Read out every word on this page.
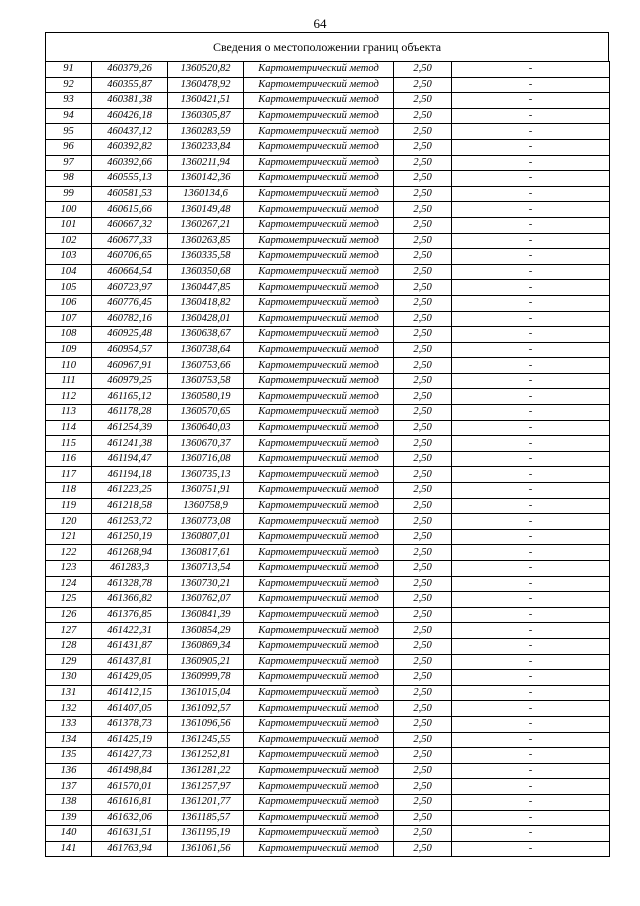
64
Сведения о местоположении границ объекта
91	460379,26	1360520,82	Картометрический метод	2,50	-
92	460355,87	1360478,92	Картометрический метод	2,50	-
93	460381,38	1360421,51	Картометрический метод	2,50	-
94	460426,18	1360305,87	Картометрический метод	2,50	-
95	460437,12	1360283,59	Картометрический метод	2,50	-
96	460392,82	1360233,84	Картометрический метод	2,50	-
97	460392,66	1360211,94	Картометрический метод	2,50	-
98	460555,13	1360142,36	Картометрический метод	2,50	-
99	460581,53	1360134,6	Картометрический метод	2,50	-
100	460615,66	1360149,48	Картометрический метод	2,50	-
101	460667,32	1360267,21	Картометрический метод	2,50	-
102	460677,33	1360263,85	Картометрический метод	2,50	-
103	460706,65	1360335,58	Картометрический метод	2,50	-
104	460664,54	1360350,68	Картометрический метод	2,50	-
105	460723,97	1360447,85	Картометрический метод	2,50	-
106	460776,45	1360418,82	Картометрический метод	2,50	-
107	460782,16	1360428,01	Картометрический метод	2,50	-
108	460925,48	1360638,67	Картометрический метод	2,50	-
109	460954,57	1360738,64	Картометрический метод	2,50	-
110	460967,91	1360753,66	Картометрический метод	2,50	-
111	460979,25	1360753,58	Картометрический метод	2,50	-
112	461165,12	1360580,19	Картометрический метод	2,50	-
113	461178,28	1360570,65	Картометрический метод	2,50	-
114	461254,39	1360640,03	Картометрический метод	2,50	-
115	461241,38	1360670,37	Картометрический метод	2,50	-
116	461194,47	1360716,08	Картометрический метод	2,50	-
117	461194,18	1360735,13	Картометрический метод	2,50	-
118	461223,25	1360751,91	Картометрический метод	2,50	-
119	461218,58	1360758,9	Картометрический метод	2,50	-
120	461253,72	1360773,08	Картометрический метод	2,50	-
121	461250,19	1360807,01	Картометрический метод	2,50	-
122	461268,94	1360817,61	Картометрический метод	2,50	-
123	461283,3	1360713,54	Картометрический метод	2,50	-
124	461328,78	1360730,21	Картометрический метод	2,50	-
125	461366,82	1360762,07	Картометрический метод	2,50	-
126	461376,85	1360841,39	Картометрический метод	2,50	-
127	461422,31	1360854,29	Картометрический метод	2,50	-
128	461431,87	1360869,34	Картометрический метод	2,50	-
129	461437,81	1360905,21	Картометрический метод	2,50	-
130	461429,05	1360999,78	Картометрический метод	2,50	-
131	461412,15	1361015,04	Картометрический метод	2,50	-
132	461407,05	1361092,57	Картометрический метод	2,50	-
133	461378,73	1361096,56	Картометрический метод	2,50	-
134	461425,19	1361245,55	Картометрический метод	2,50	-
135	461427,73	1361252,81	Картометрический метод	2,50	-
136	461498,84	1361281,22	Картометрический метод	2,50	-
137	461570,01	1361257,97	Картометрический метод	2,50	-
138	461616,81	1361201,77	Картометрический метод	2,50	-
139	461632,06	1361185,57	Картометрический метод	2,50	-
140	461631,51	1361195,19	Картометрический метод	2,50	-
141	461763,94	1361061,56	Картометрический метод	2,50	-
